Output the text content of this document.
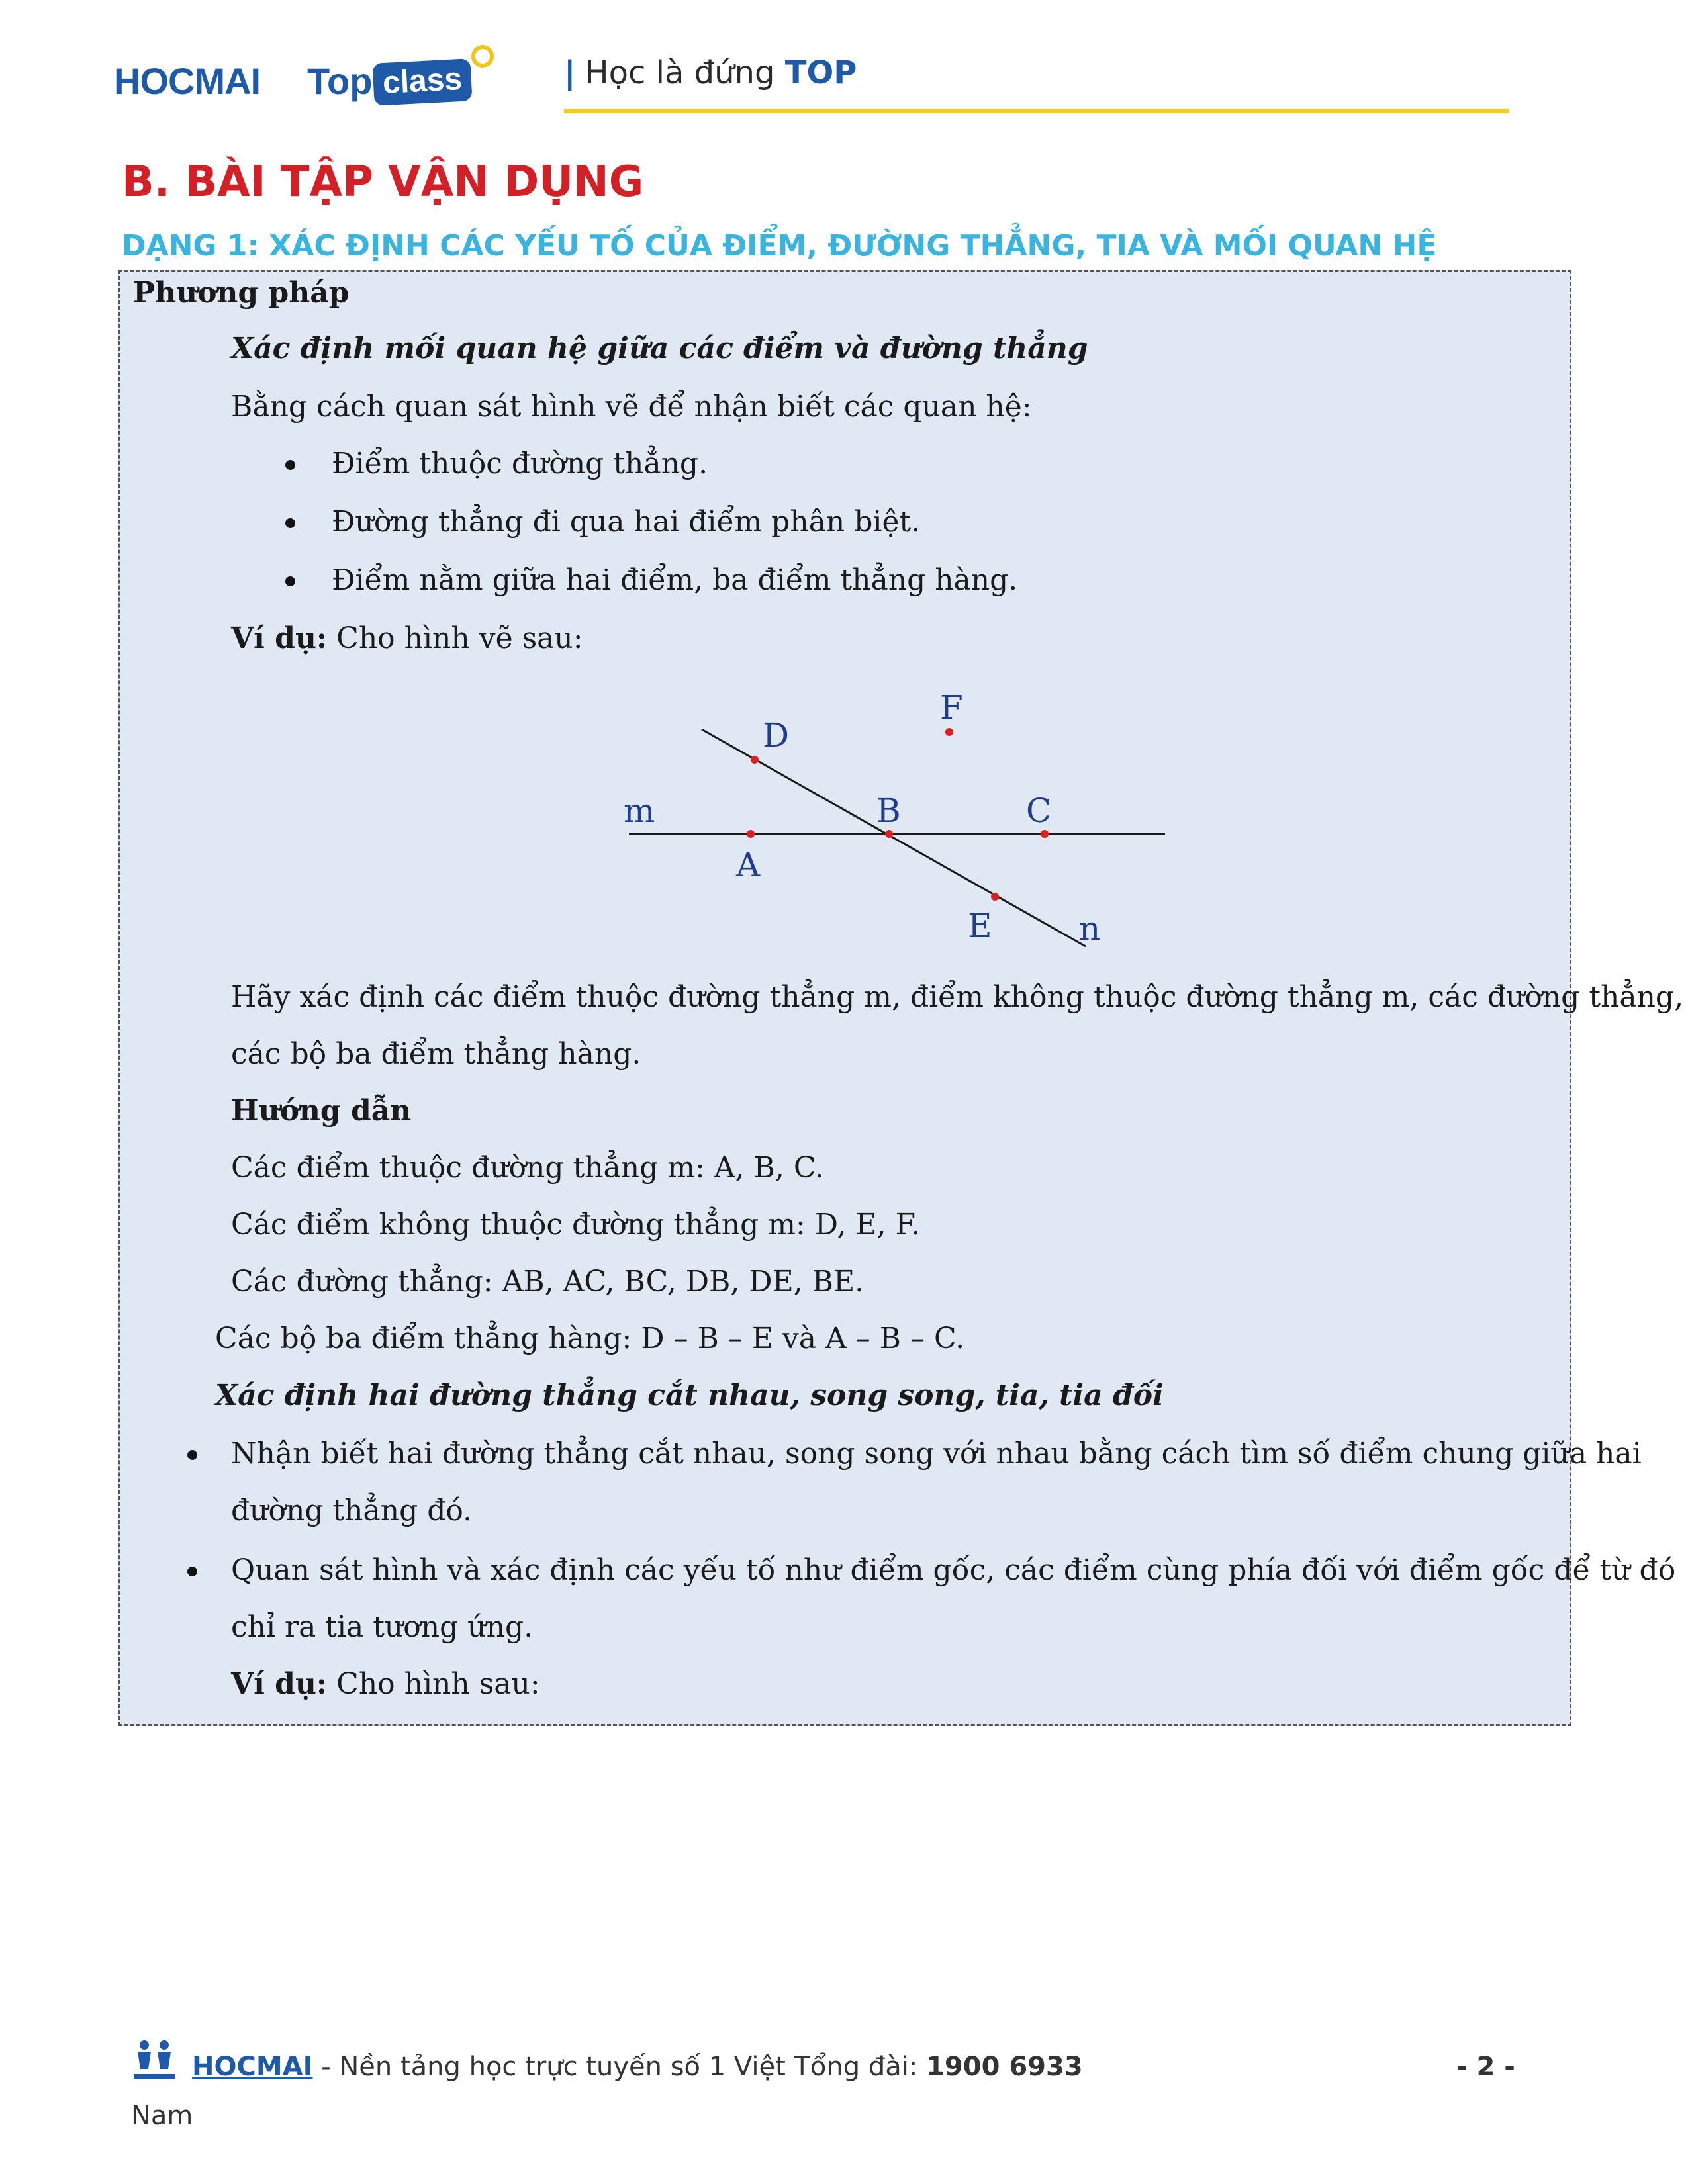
HOCMAI Top class	| Học là đứng TOP
B. BÀI TẬP VẬN DỤNG
DẠNG 1: XÁC ĐỊNH CÁC YẾU TỐ CỦA ĐIỂM, ĐƯỜNG THẲNG, TIA VÀ MỐI QUAN HỆ
Phương pháp
Xác định mối quan hệ giữa các điểm và đường thẳng
Bằng cách quan sát hình vẽ để nhận biết các quan hệ:
Điểm thuộc đường thẳng.
Đường thẳng đi qua hai điểm phân biệt.
Điểm nằm giữa hai điểm, ba điểm thẳng hàng.
Ví dụ: Cho hình vẽ sau:
Hãy xác định các điểm thuộc đường thẳng m, điểm không thuộc đường thẳng m, các đường thẳng,
các bộ ba điểm thẳng hàng.
Hướng dẫn
Các điểm thuộc đường thẳng m: A, B, C.
Các điểm không thuộc đường thẳng m: D, E, F.
Các đường thẳng: AB, AC, BC, DB, DE, BE.
Các bộ ba điểm thẳng hàng: D – B – E và A – B – C.
Xác định hai đường thẳng cắt nhau, song song, tia, tia đối
Nhận biết hai đường thẳng cắt nhau, song song với nhau bằng cách tìm số điểm chung giữa hai
đường thẳng đó.
Quan sát hình và xác định các yếu tố như điểm gốc, các điểm cùng phía đối với điểm gốc để từ đó
chỉ ra tia tương ứng.
Ví dụ: Cho hình sau:
D
F
m	B	C
A
E	n
HOCMAI - Nền tảng học trực tuyến số 1 Việt Tổng đài: 1900 6933
Nam
- 2 -
